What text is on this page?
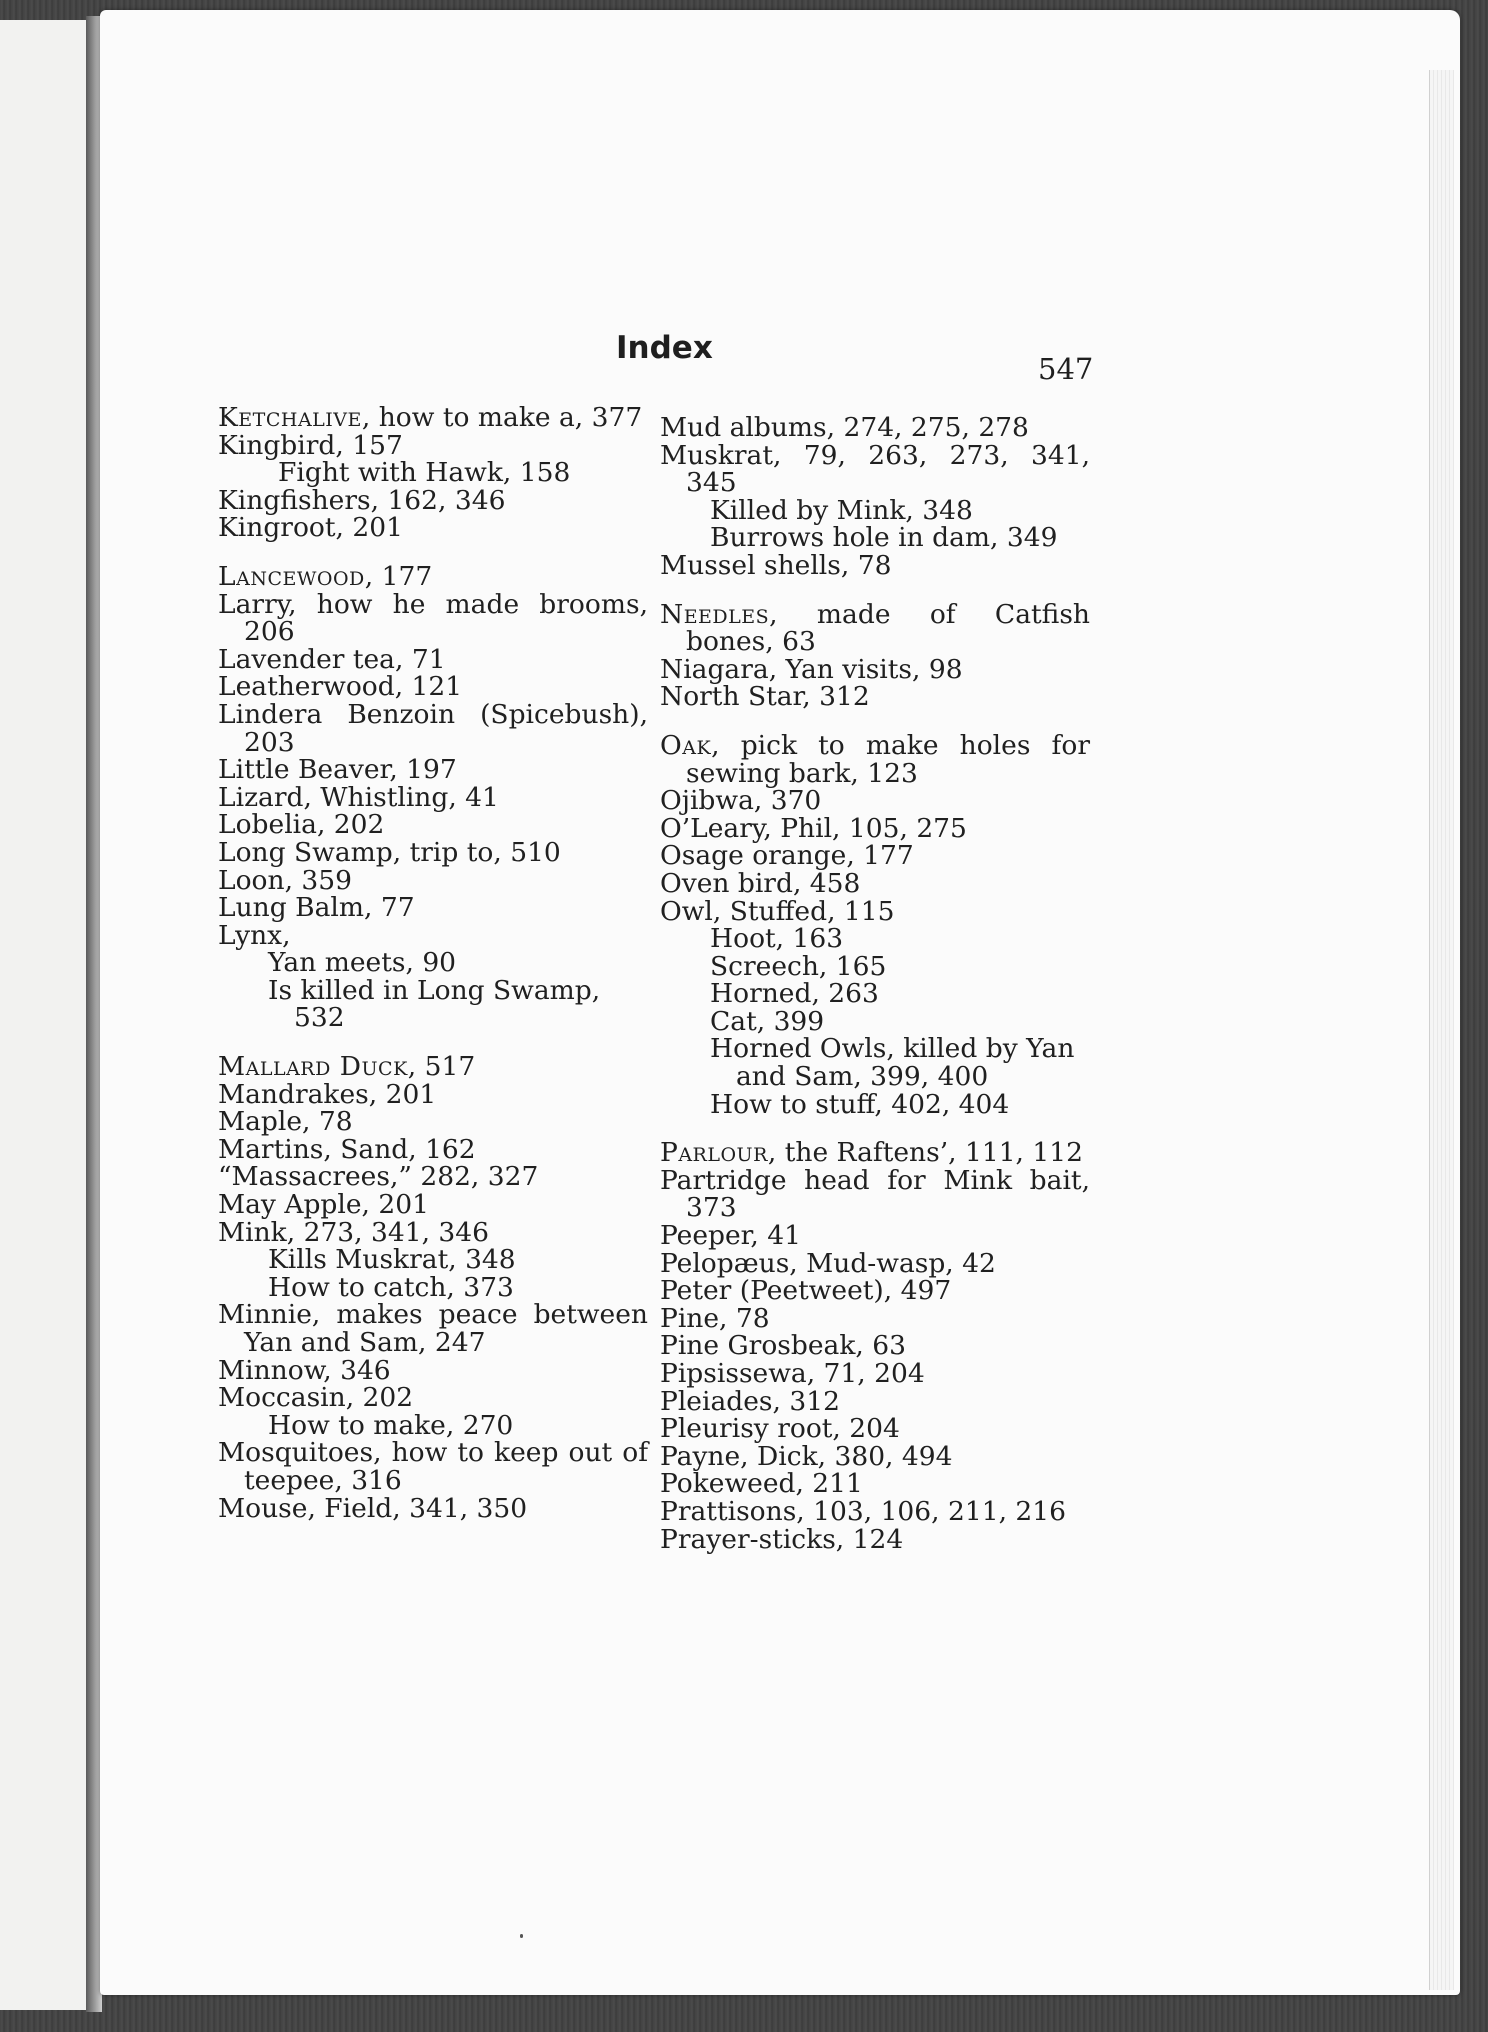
Index
547
Ketchalive, how to make a, 377
Kingbird, 157
Fight with Hawk, 158
Kingfishers, 162, 346
Kingroot, 201
Lancewood, 177
Larry, how he made brooms, 206
Lavender tea, 71
Leatherwood, 121
Lindera Benzoin (Spicebush), 203
Little Beaver, 197
Lizard, Whistling, 41
Lobelia, 202
Long Swamp, trip to, 510
Loon, 359
Lung Balm, 77
Lynx,
Yan meets, 90
Is killed in Long Swamp, 532
Mallard Duck, 517
Mandrakes, 201
Maple, 78
Martins, Sand, 162
“Massacrees,” 282, 327
May Apple, 201
Mink, 273, 341, 346
Kills Muskrat, 348
How to catch, 373
Minnie, makes peace between Yan and Sam, 247
Minnow, 346
Moccasin, 202
How to make, 270
Mosquitoes, how to keep out of teepee, 316
Mouse, Field, 341, 350
Mud albums, 274, 275, 278
Muskrat, 79, 263, 273, 341, 345
Killed by Mink, 348
Burrows hole in dam, 349
Mussel shells, 78
Needles, made of Catfish bones, 63
Niagara, Yan visits, 98
North Star, 312
Oak, pick to make holes for sewing bark, 123
Ojibwa, 370
O’Leary, Phil, 105, 275
Osage orange, 177
Oven bird, 458
Owl, Stuffed, 115
Hoot, 163
Screech, 165
Horned, 263
Cat, 399
Horned Owls, killed by Yan and Sam, 399, 400
How to stuff, 402, 404
Parlour, the Raftens’, 111, 112
Partridge head for Mink bait, 373
Peeper, 41
Pelopæus, Mud-wasp, 42
Peter (Peetweet), 497
Pine, 78
Pine Grosbeak, 63
Pipsissewa, 71, 204
Pleiades, 312
Pleurisy root, 204
Payne, Dick, 380, 494
Pokeweed, 211
Prattisons, 103, 106, 211, 216
Prayer-sticks, 124
